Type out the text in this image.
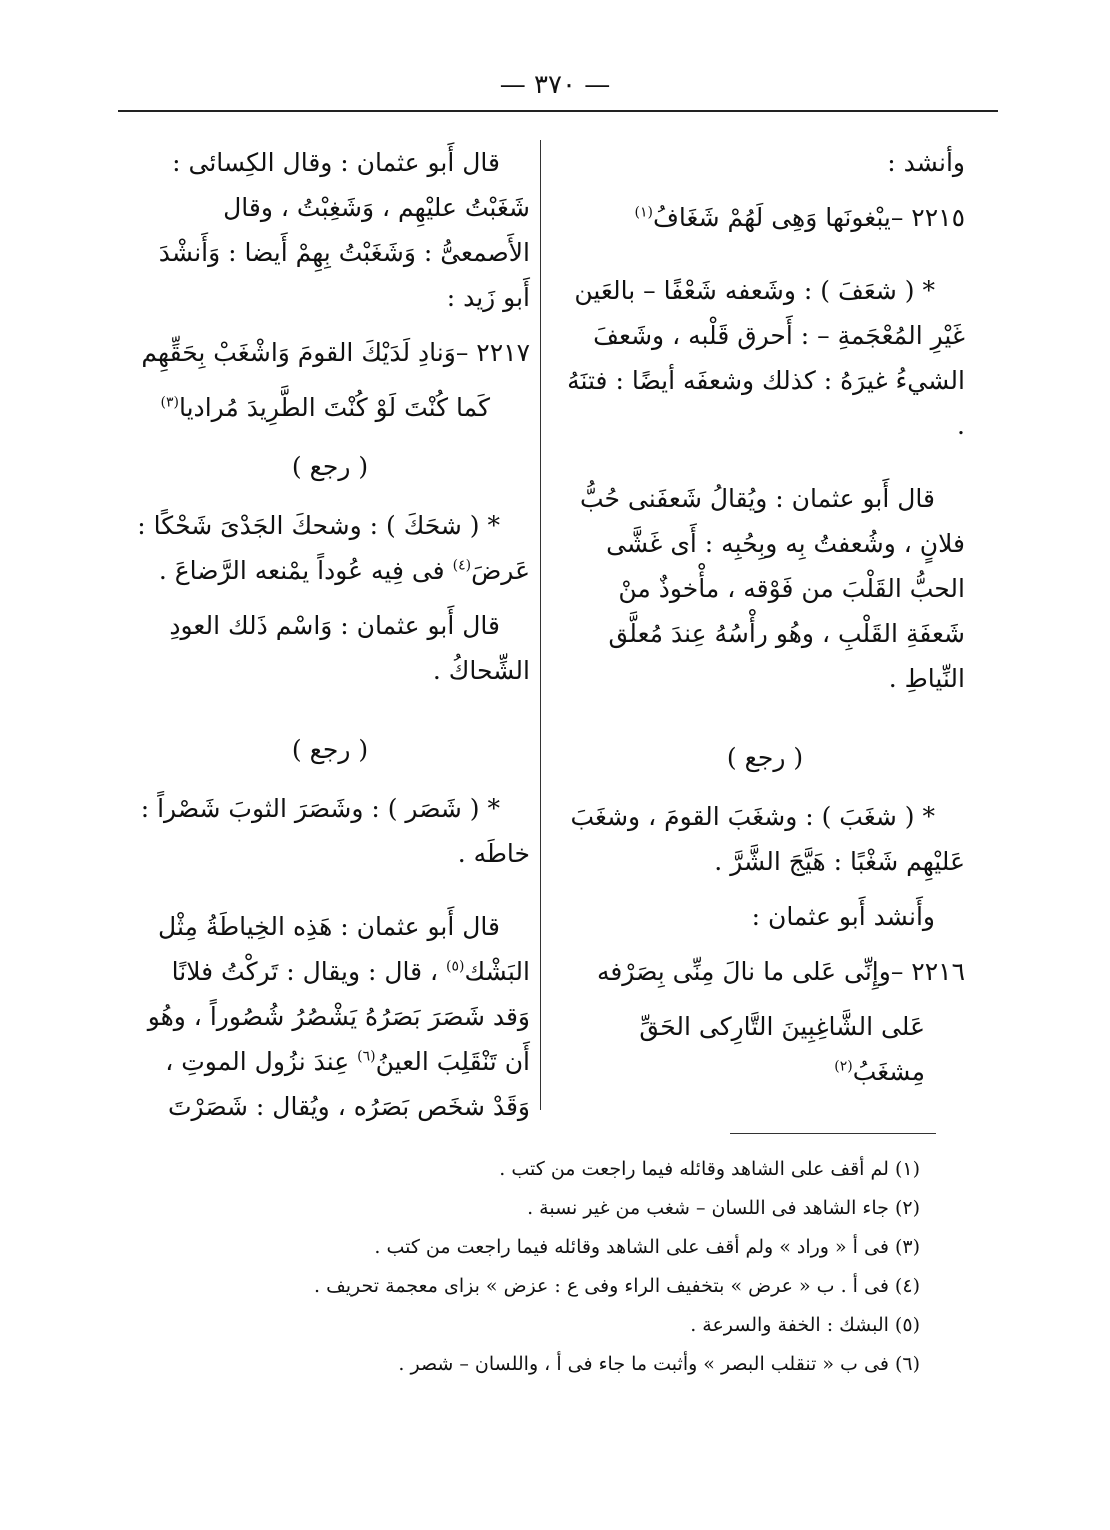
— ٣٧٠ —

وأنشد :

٢٢١٥ –يبْغونَها وَهِى لَهُمْ شَغَافُ$^{(١)}$

* ( شعَفَ ) : وشَعفه شَعْفًا – بالعَين غَيْرِ المُعْجَمةِ – : أَحرق قَلْبه ، وشَعفَ الشيءُ غيرَهُ : كذلك وشعفَه أيضًا : فتنَهُ .

قال أَبو عثمان : ويُقالُ شَعفَنى حُبُّ فلانٍ ، وشُعفتُ بِه وبِحُبِه : أَى غَشَّى الحبُّ القَلْبَ من فَوْقه ، مأْخوذٌ منْ شَعفَةِ القَلْبِ ، وهُو رأْسُهُ عِندَ مُعلَّق النِّياطِ .

( رجع )

* ( شغَبَ ) : وشغَبَ القومَ ، وشغَبَ عَليْهِم شَغْبًا : هَيَّجَ الشَّرَّ .

وأَنشد أَبو عثمان :

٢٢١٦ –وإِنِّى عَلى ما نالَ مِنِّى بِصَرْفه

عَلى الشَّاغِبِينَ التَّارِكى الحَقِّ مِشغَبُ$^{(٢)}$

قال أَبو عثمان : وقال الكِسائى : شَغَبْتُ عليْهِم ، وَشَغِبْتُ ، وقال الأَصمعىُّ : وَشَغَبْتُ بِهِمْ أَيضا : وَأَنشْدَ أَبو زَيد :

٢٢١٧ –وَنادِ لَدَيْكَ القومَ وَاشْغَبْ بِحَقِّهِم

كَما كُنْتَ لَوْ كُنْتَ الطَّرِيدَ مُراديا$^{(٣)}$

( رجع )

* ( شحَكَ ) : وشحكَ الجَدْىَ شَحْكًا : عَرضَ$^{(٤)}$ فى فِيه عُوداً يمْنعه الرَّضاعَ .

قال أَبو عثمان : وَاسْم ذَلك العودِ الشِّحاكُ .

( رجع )

* ( شَصَر ) : وشَصَرَ الثوبَ شَصْراً : خاطَه .

قال أَبو عثمان : هَذِه الخِياطَةُ مِثْل البَشْك$^{(٥)}$ ، قال : ويقال : تَركْتُ فلانًا وَقد شَصَرَ بَصَرُهُ يَشْصُرُ شُصُوراً ، وهُو أَن تَنْقَلِبَ العينُ$^{(٦)}$ عِندَ نزُول الموتِ ، وَقَدْ شخَص بَصَرُه ، ويُقال : شَصَرْتَ

(١) لم أقف على الشاهد وقائله فيما راجعت من كتب .
(٢) جاء الشاهد فى اللسان – شغب من غير نسبة .
(٣) فى أ « وراد » ولم أقف على الشاهد وقائله فيما راجعت من كتب .
(٤) فى أ . ب « عرض » بتخفيف الراء وفى ع : عزض » بزاى معجمة تحريف .
(٥) البشك : الخفة والسرعة .
(٦) فى ب « تنقلب البصر » وأثبت ما جاء فى أ ، واللسان – شصر .
